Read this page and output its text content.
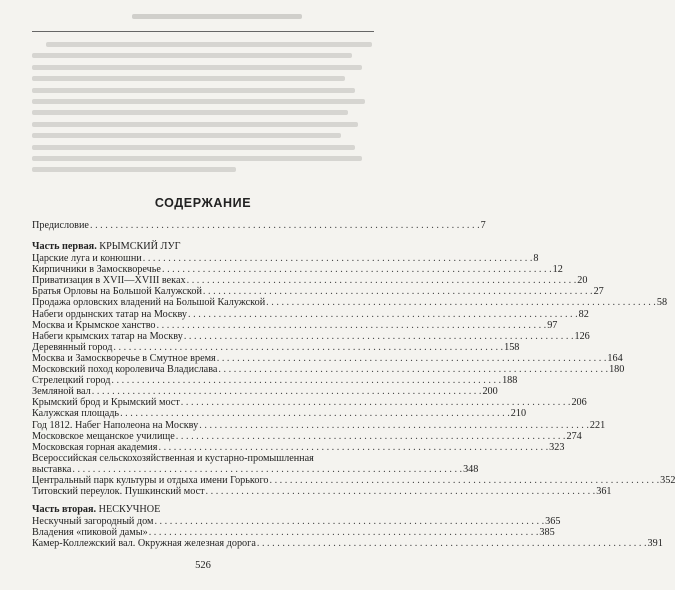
СОДЕРЖАНИЕ
Предисловие . . .	7
Часть первая. КРЫМСКИЙ ЛУГ
Царские луга и конюшни . . .	8
Кирпичники в Замоскворечье . . .	12
Приватизация в XVII—XVIII веках . . .	20
Братья Орловы на Большой Калужской . . .	27
Продажа орловских владений на Большой Калужской . . .	58
Набеги ордынских татар на Москву . . .	82
Москва и Крымское ханство . . .	97
Набеги крымских татар на Москву . . .	126
Деревянный город . . .	158
Москва и Замоскворечье в Смутное время . . .	164
Московский поход королевича Владислава . . .	180
Стрелецкий город . . .	188
Земляной вал . . .	200
Крымский брод и Крымский мост . . .	206
Калужская площадь . . .	210
Год 1812. Набег Наполеона на Москву . . .	221
Московское мещанское училище . . .	274
Московская горная академия . . .	323
Всероссийская сельскохозяйственная и кустарно-промышленная
выставка . . .	348
Центральный парк культуры и отдыха имени Горького . . .	352
Титовский переулок. Пушкинский мост . . .	361
Часть вторая. НЕСКУЧНОЕ
Нескучный загородный дом . . .	365
Владения «пиковой дамы» . . .	385
Камер-Коллежский вал. Окружная железная дорога . . .	391
526
